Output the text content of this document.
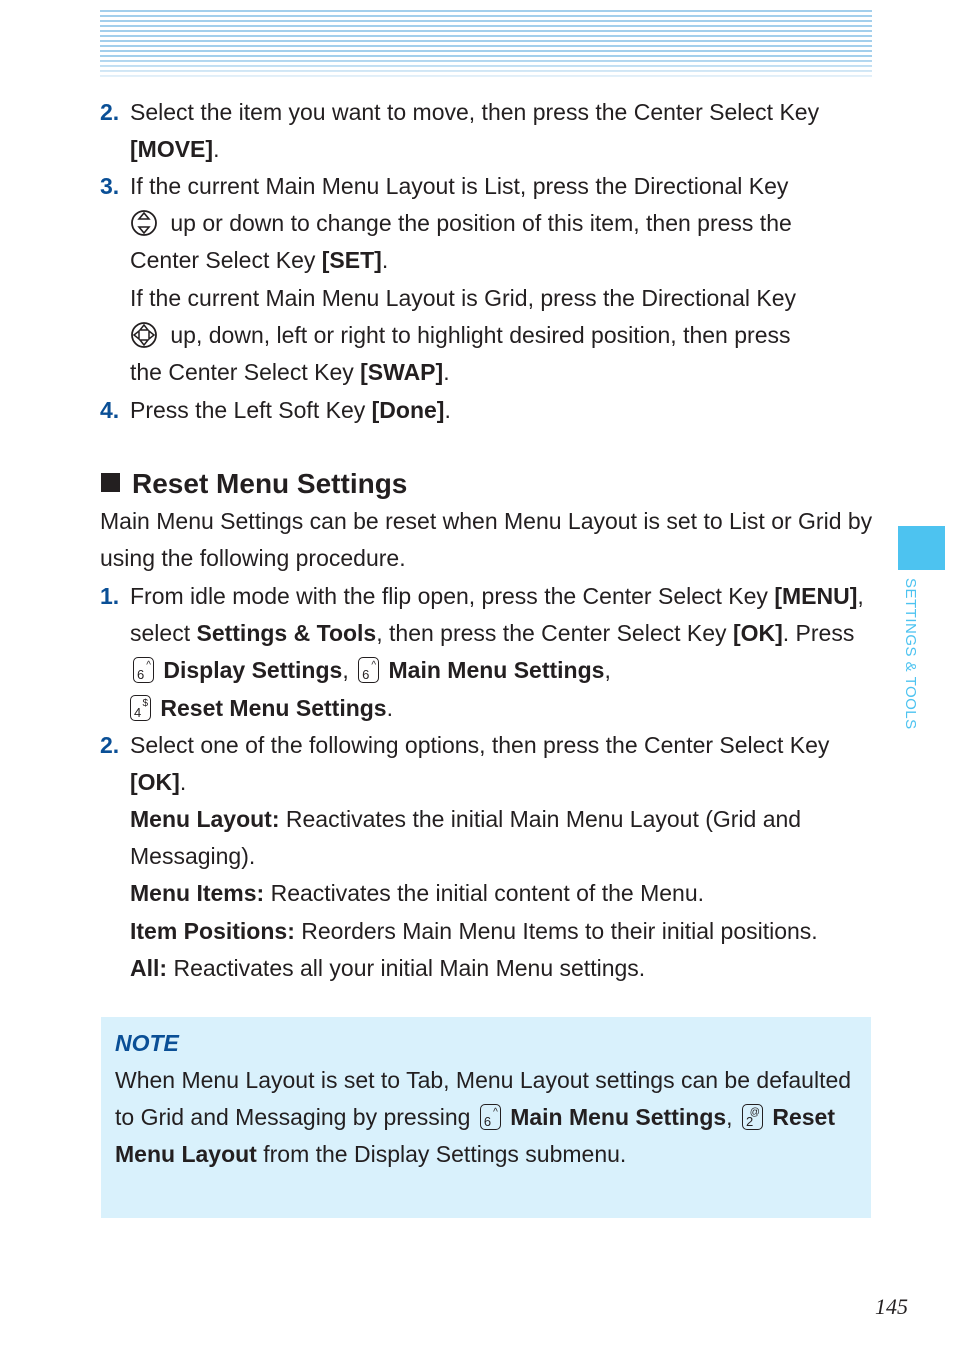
SETTINGS & TOOLS
2. Select the item you want to move, then press the Center Select Key [MOVE].
3. If the current Main Menu Layout is List, press the Directional Key
up or down to change the position of this item, then press the
Center Select Key [SET].
If the current Main Menu Layout is Grid, press the Directional Key
up, down, left or right to highlight desired position, then press
the Center Select Key [SWAP].
4. Press the Left Soft Key [Done].
Reset Menu Settings
Main Menu Settings can be reset when Menu Layout is set to List or Grid by using the following procedure.
1. From idle mode with the flip open, press the Center Select Key [MENU], select Settings & Tools, then press the Center Select Key [OK]. Press
6
^ Display Settings, 6
^ Main Menu Settings,

4
$ Reset Menu Settings.
2. Select one of the following options, then press the Center Select Key [OK].
Menu Layout: Reactivates the initial Main Menu Layout (Grid and Messaging).
Menu Items: Reactivates the initial content of the Menu.
Item Positions: Reorders Main Menu Items to their initial positions.
All: Reactivates all your initial Main Menu settings.
NOTE
When Menu Layout is set to Tab, Menu Layout settings can be defaulted to Grid and Messaging by pressing 6
^ Main Menu Settings, 2
@ Reset Menu Layout from the Display Settings submenu.
145
